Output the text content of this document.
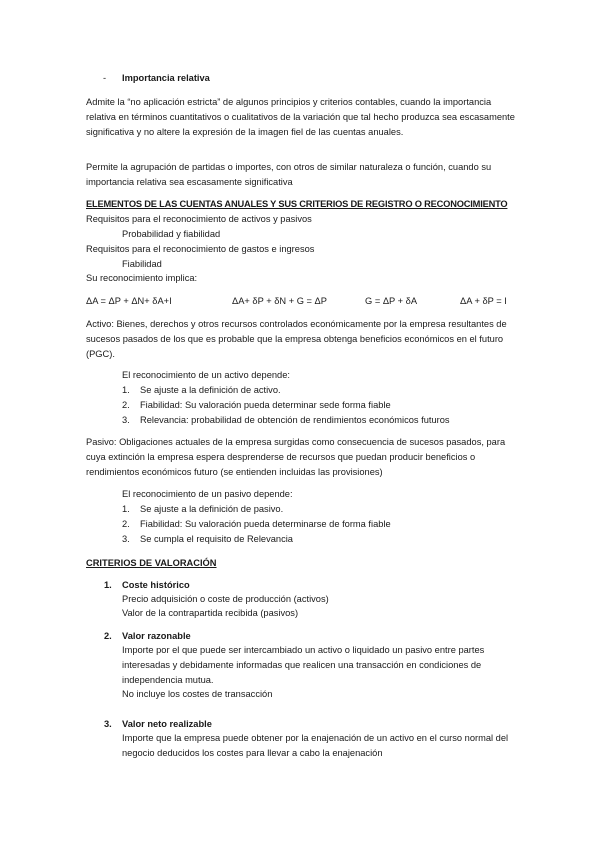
- Importancia relativa
Admite la “no aplicación estricta” de algunos principios y criterios contables, cuando la importancia relativa en términos cuantitativos o cualitativos de la variación que tal hecho produzca sea escasamente significativa y no altere la expresión de la imagen fiel de las cuentas anuales.
Permite la agrupación de partidas o importes, con otros de similar naturaleza o función, cuando su importancia relativa sea escasamente significativa
ELEMENTOS DE LAS CUENTAS ANUALES Y SUS CRITERIOS DE REGISTRO O RECONOCIMIENTO
Requisitos para el reconocimiento de activos y pasivos
Probabilidad y fiabilidad
Requisitos para el reconocimiento de gastos e ingresos
Fiabilidad
Su reconocimiento implica:
ΔA = ΔP + ΔN+ δA+I	ΔA+ δP + δN + G = ΔP	G = ΔP + δA	ΔA + δP = I
Activo: Bienes, derechos y otros recursos controlados económicamente por la empresa resultantes de sucesos pasados de los que es probable que la empresa obtenga beneficios económicos en el futuro (PGC).
El reconocimiento de un activo depende:
1. Se ajuste a la definición de activo.
2. Fiabilidad: Su valoración pueda determinar sede forma fiable
3. Relevancia: probabilidad de obtención de rendimientos económicos futuros
Pasivo: Obligaciones actuales de la empresa surgidas como consecuencia de sucesos pasados, para cuya extinción la empresa espera desprenderse de recursos que puedan producir beneficios o rendimientos económicos futuro (se entienden incluidas las provisiones)
El reconocimiento de un pasivo depende:
1. Se ajuste a la definición de pasivo.
2. Fiabilidad: Su valoración pueda determinarse de forma fiable
3. Se cumpla el requisito de Relevancia
CRITERIOS DE VALORACIÓN
1. Coste histórico
Precio adquisición o coste de producción (activos)
Valor de la contrapartida recibida (pasivos)
2. Valor razonable
Importe por el que puede ser intercambiado un activo o liquidado un pasivo entre partes interesadas y debidamente informadas que realicen una transacción en condiciones de independencia mutua.
No incluye los costes de transacción
3. Valor neto realizable
Importe que la empresa puede obtener por la enajenación de un activo en el curso normal del negocio deducidos los costes para llevar a cabo la enajenación
